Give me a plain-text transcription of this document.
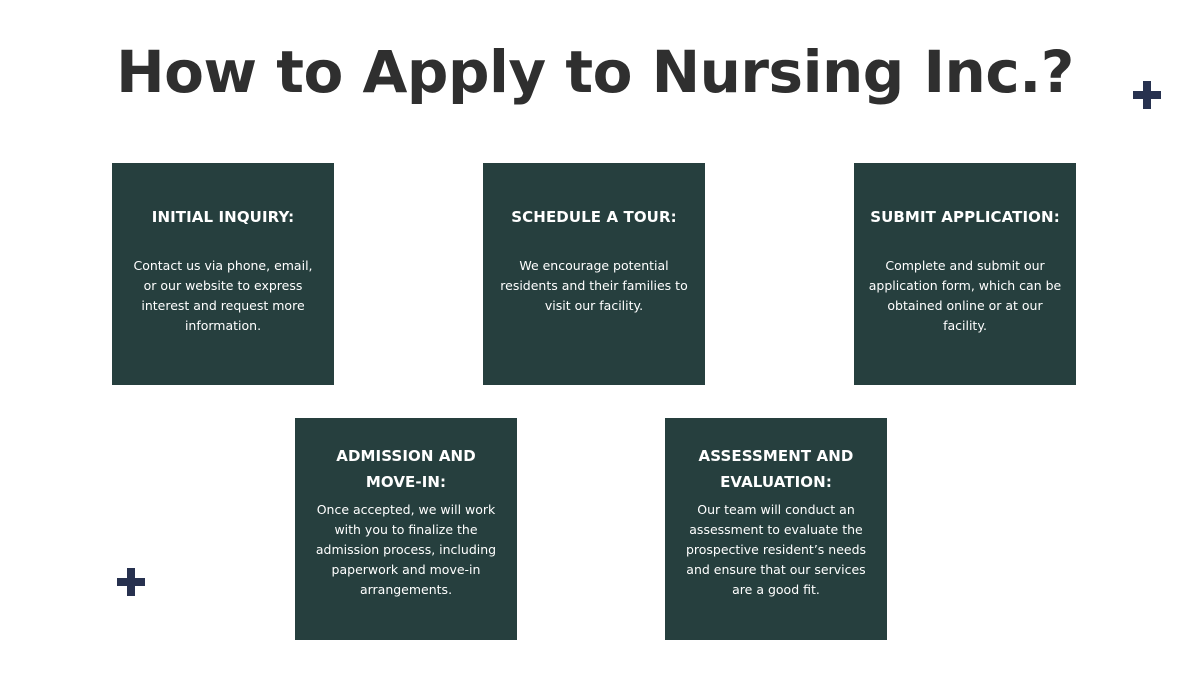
How to Apply to Nursing Inc.?
INITIAL INQUIRY:
Contact us via phone, email, or our website to express interest and request more information.
SCHEDULE A TOUR:
We encourage potential residents and their families to visit our facility.
SUBMIT APPLICATION:
Complete and submit our application form, which can be obtained online or at our facility.
ADMISSION AND MOVE-IN:
Once accepted, we will work with you to finalize the admission process, including paperwork and move-in arrangements.
ASSESSMENT AND EVALUATION:
Our team will conduct an assessment to evaluate the prospective resident’s needs and ensure that our services are a good fit.
